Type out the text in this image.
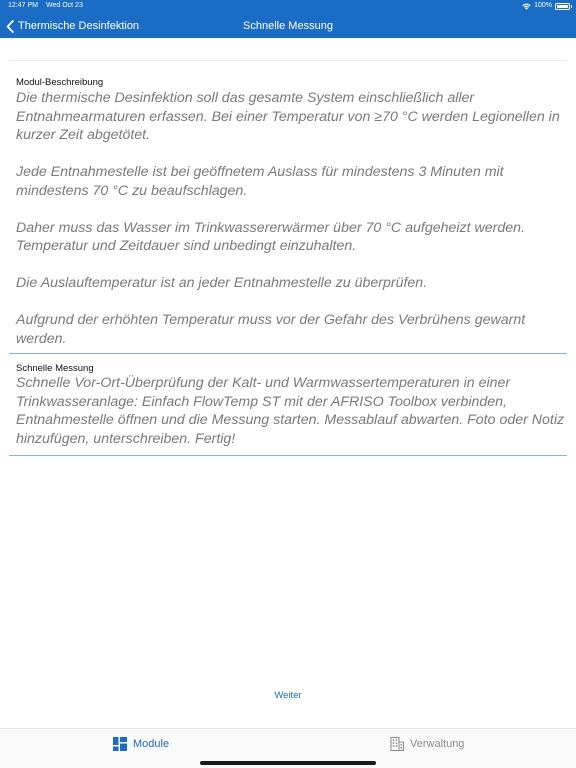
12:47 PM Wed Oct 23	100%
Thermische Desinfektion	Schnelle Messung
Modul-Beschreibung

Die thermische Desinfektion soll das gesamte System einschließlich aller Entnahmearmaturen erfassen. Bei einer Temperatur von ≥70 °C werden Legionellen in kurzer Zeit abgetötet.

Jede Entnahmestelle ist bei geöffnetem Auslass für mindestens 3 Minuten mit mindestens 70 °C zu beaufschlagen.

Daher muss das Wasser im Trinkwassererwärmer über 70 °C aufgeheizt werden. Temperatur und Zeitdauer sind unbedingt einzuhalten.

Die Auslauftemperatur ist an jeder Entnahmestelle zu überprüfen.

Aufgrund der erhöhten Temperatur muss vor der Gefahr des Verbrühens gewarnt werden.

Schnelle Messung

Schnelle Vor-Ort-Überprüfung der Kalt- und Warmwassertemperaturen in einer Trinkwasseranlage: Einfach FlowTemp ST mit der AFRISO Toolbox verbinden, Entnahmestelle öffnen und die Messung starten. Messablauf abwarten. Foto oder Notiz hinzufügen, unterschreiben. Fertig!

Weiter
Module	Verwaltung
